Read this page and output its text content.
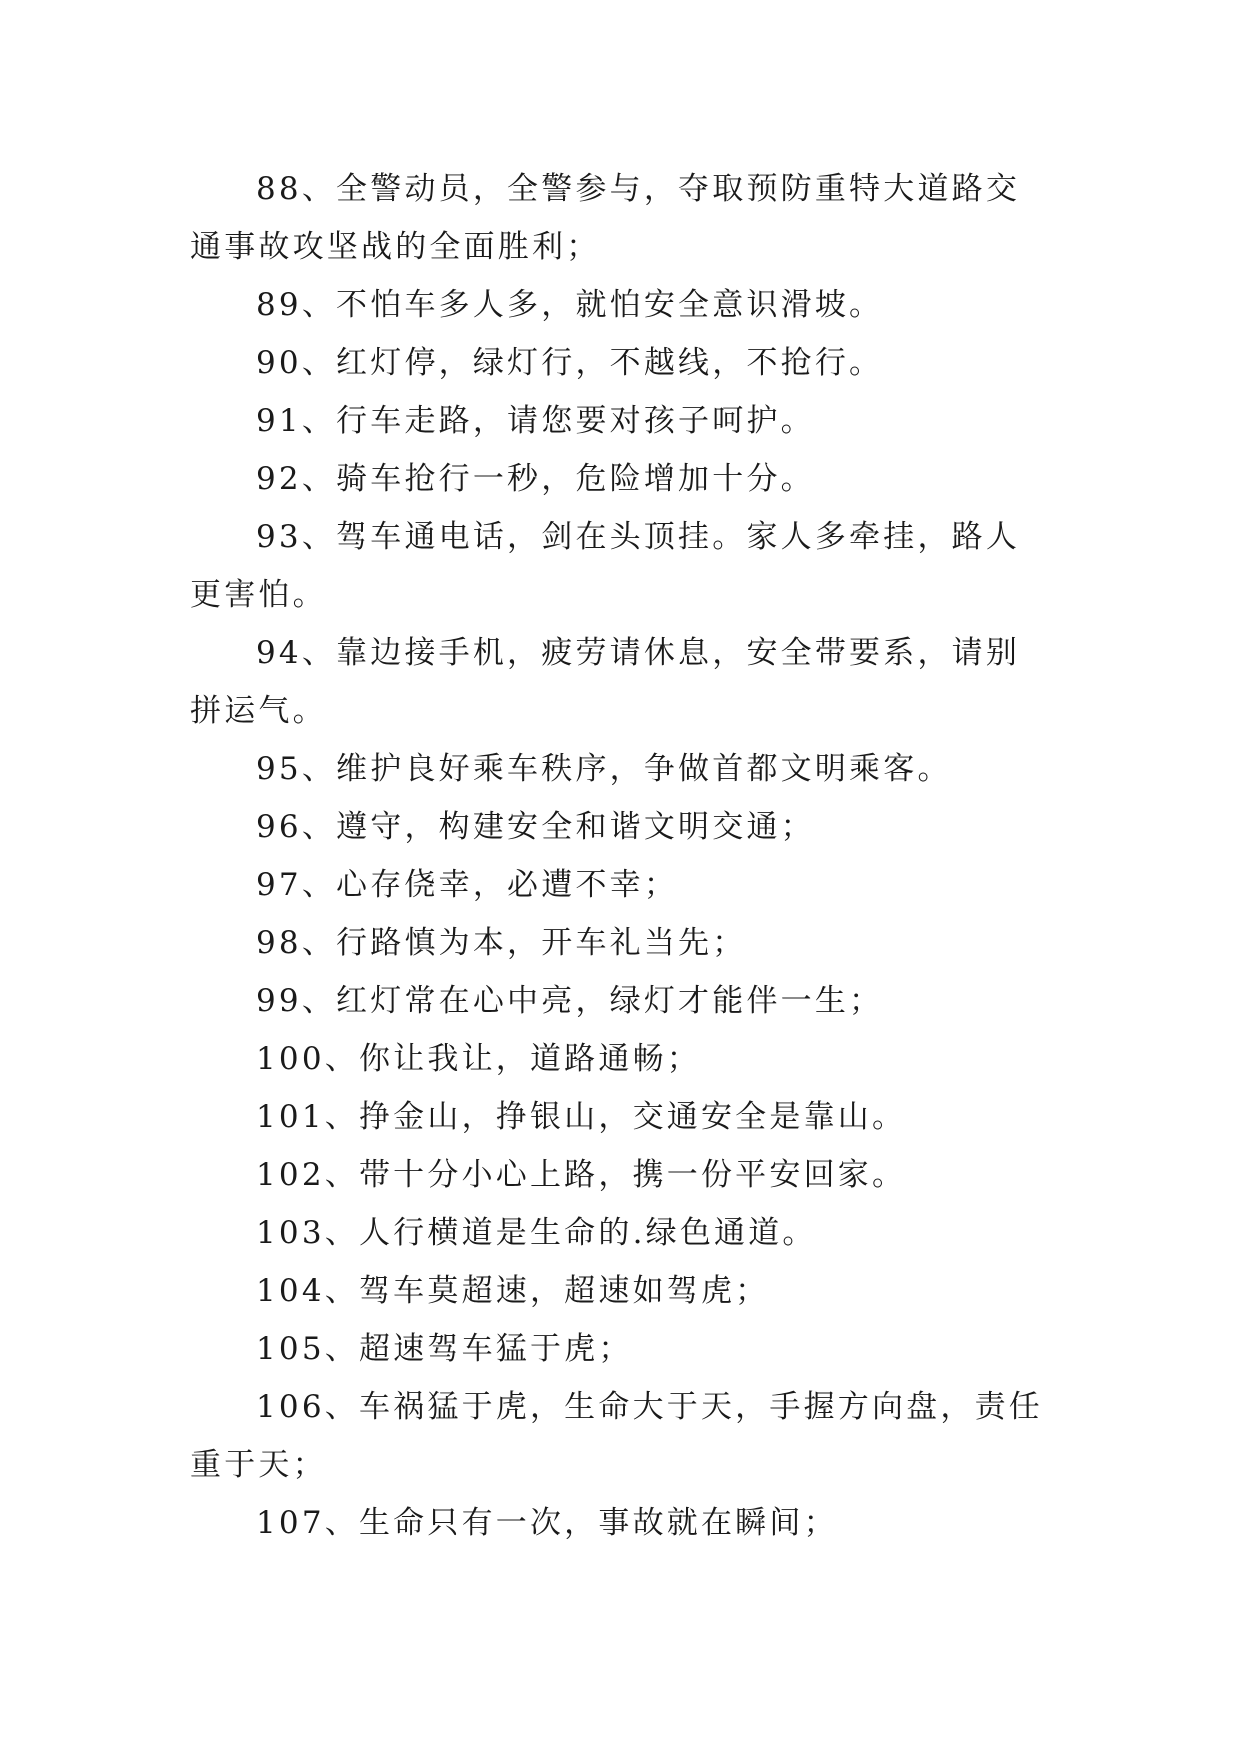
88、全警动员，全警参与，夺取预防重特大道路交通事故攻坚战的全面胜利；

89、不怕车多人多，就怕安全意识滑坡。

90、红灯停，绿灯行，不越线，不抢行。

91、行车走路，请您要对孩子呵护。

92、骑车抢行一秒，危险增加十分。

93、驾车通电话，剑在头顶挂。家人多牵挂，路人更害怕。

94、靠边接手机，疲劳请休息，安全带要系，请别拼运气。

95、维护良好乘车秩序，争做首都文明乘客。

96、遵守，构建安全和谐文明交通；

97、心存侥幸，必遭不幸；

98、行路慎为本，开车礼当先；

99、红灯常在心中亮，绿灯才能伴一生；

100、你让我让，道路通畅；

101、挣金山，挣银山，交通安全是靠山。

102、带十分小心上路，携一份平安回家。

103、人行横道是生命的.绿色通道。

104、驾车莫超速，超速如驾虎；

105、超速驾车猛于虎；

106、车祸猛于虎，生命大于天，手握方向盘，责任重于天；

107、生命只有一次，事故就在瞬间；
